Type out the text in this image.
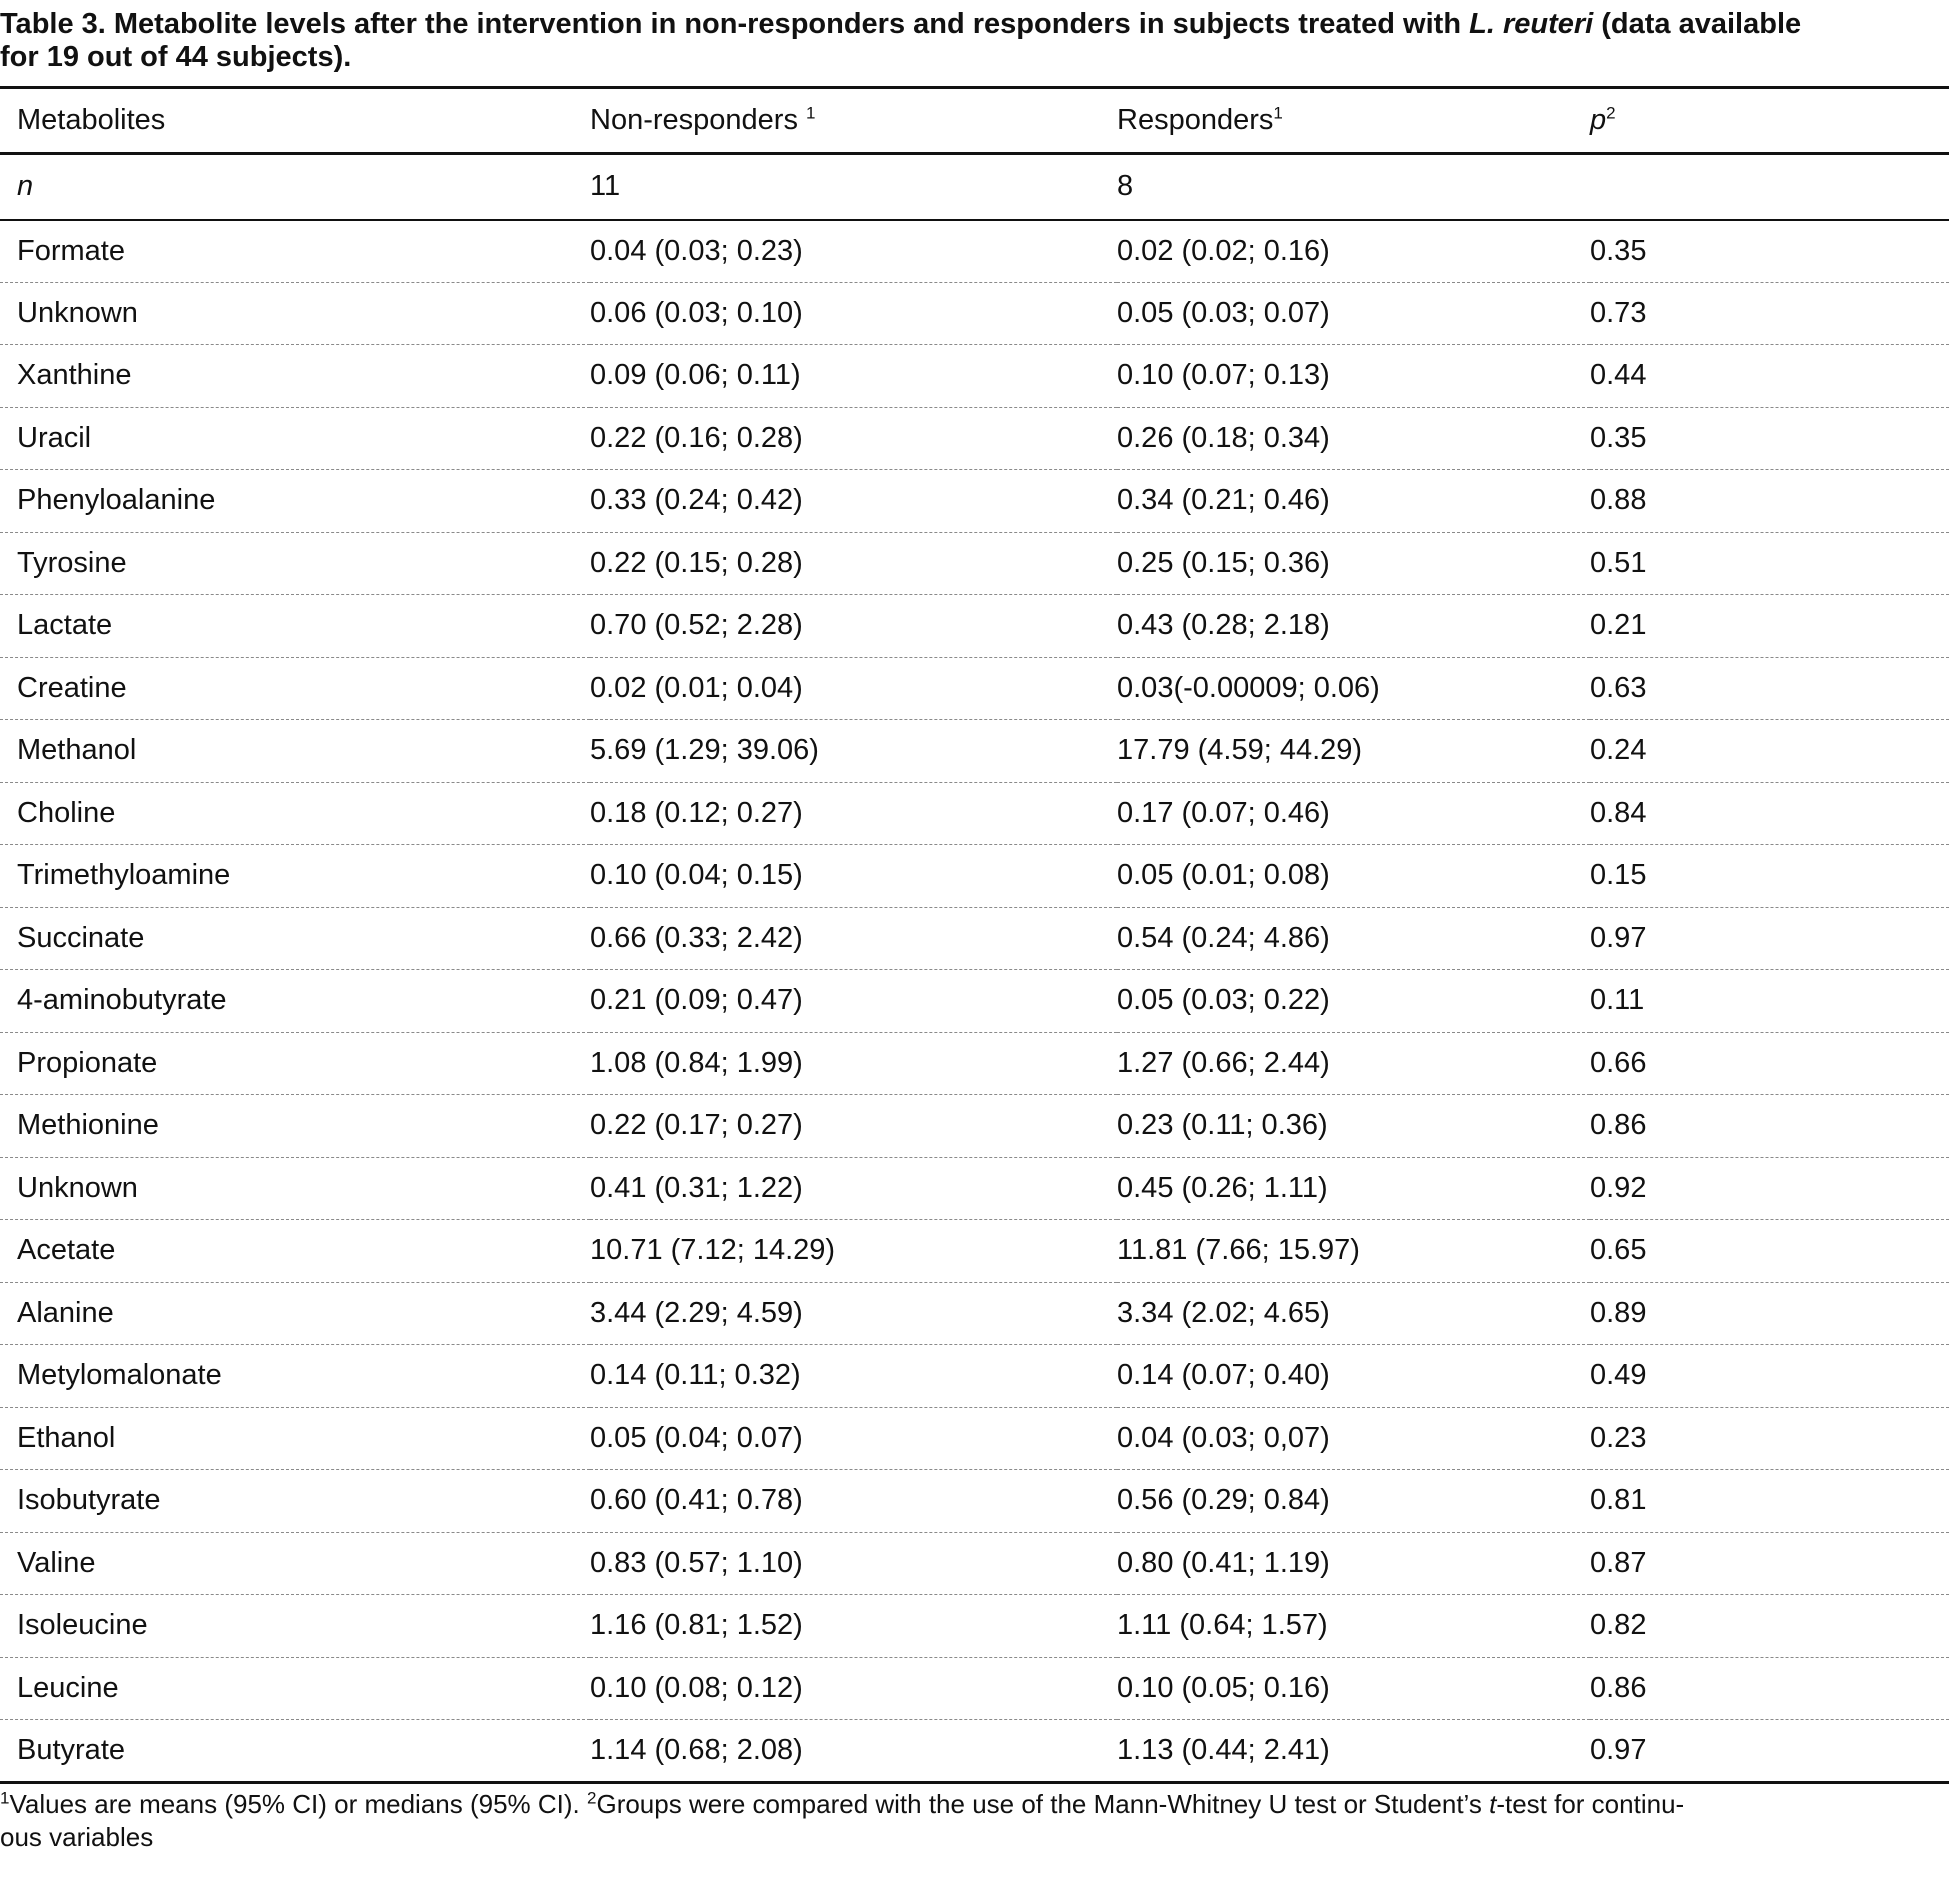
Table 3. Metabolite levels after the intervention in non-responders and responders in subjects treated with L. reuteri (data available
for 19 out of 44 subjects).
Metabolites	Non-responders $^1$	Responders$^1$	$p^2$
n	11	8	
Formate	0.04 (0.03; 0.23)	0.02 (0.02; 0.16)	0.35
Unknown	0.06 (0.03; 0.10)	0.05 (0.03; 0.07)	0.73
Xanthine	0.09 (0.06; 0.11)	0.10 (0.07; 0.13)	0.44
Uracil	0.22 (0.16; 0.28)	0.26 (0.18; 0.34)	0.35
Phenyloalanine	0.33 (0.24; 0.42)	0.34 (0.21; 0.46)	0.88
Tyrosine	0.22 (0.15; 0.28)	0.25 (0.15; 0.36)	0.51
Lactate	0.70 (0.52; 2.28)	0.43 (0.28; 2.18)	0.21
Creatine	0.02 (0.01; 0.04)	0.03(-0.00009; 0.06)	0.63
Methanol	5.69 (1.29; 39.06)	17.79 (4.59; 44.29)	0.24
Choline	0.18 (0.12; 0.27)	0.17 (0.07; 0.46)	0.84
Trimethyloamine	0.10 (0.04; 0.15)	0.05 (0.01; 0.08)	0.15
Succinate	0.66 (0.33; 2.42)	0.54 (0.24; 4.86)	0.97
4-aminobutyrate	0.21 (0.09; 0.47)	0.05 (0.03; 0.22)	0.11
Propionate	1.08 (0.84; 1.99)	1.27 (0.66; 2.44)	0.66
Methionine	0.22 (0.17; 0.27)	0.23 (0.11; 0.36)	0.86
Unknown	0.41 (0.31; 1.22)	0.45 (0.26; 1.11)	0.92
Acetate	10.71 (7.12; 14.29)	11.81 (7.66; 15.97)	0.65
Alanine	3.44 (2.29; 4.59)	3.34 (2.02; 4.65)	0.89
Metylomalonate	0.14 (0.11; 0.32)	0.14 (0.07; 0.40)	0.49
Ethanol	0.05 (0.04; 0.07)	0.04 (0.03; 0,07)	0.23
Isobutyrate	0.60 (0.41; 0.78)	0.56 (0.29; 0.84)	0.81
Valine	0.83 (0.57; 1.10)	0.80 (0.41; 1.19)	0.87
Isoleucine	1.16 (0.81; 1.52)	1.11 (0.64; 1.57)	0.82
Leucine	0.10 (0.08; 0.12)	0.10 (0.05; 0.16)	0.86
Butyrate	1.14 (0.68; 2.08)	1.13 (0.44; 2.41)	0.97
$^1$Values are means (95% CI) or medians (95% CI). $^2$Groups were compared with the use of the Mann-Whitney U test or Student’s t-test for continu-
ous variables
